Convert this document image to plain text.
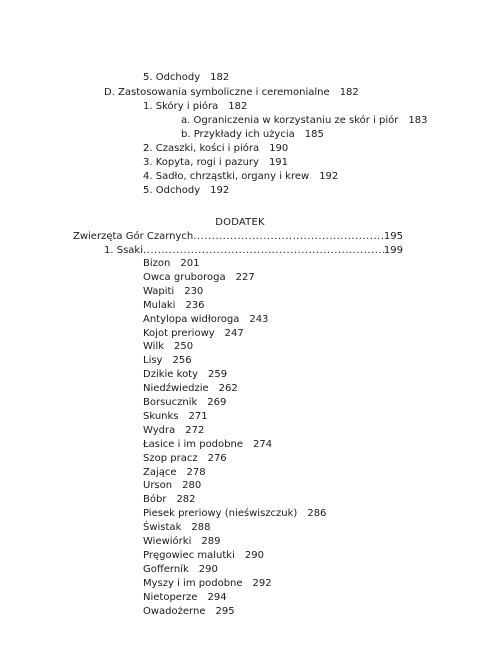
5. Odchody 182
D. Zastosowania symboliczne i ceremonialne 182
1. Skóry i pióra 182
a. Ograniczenia w korzystaniu ze skór i piór 183
b. Przykłady ich użycia 185
2. Czaszki, kości i pióra 190
3. Kopyta, rogi i pazury 191
4. Sadło, chrząstki, organy i krew 192
5. Odchody 192
DODATEK
Zwierzęta Gór Czarnych .....	195
1. Ssaki .....	199
Bizon 201
Owca gruboroga 227
Wapiti 230
Mulaki 236
Antylopa widłoroga 243
Kojot preriowy 247
Wilk 250
Lisy 256
Dzikie koty 259
Niedźwiedzie 262
Borsucznik 269
Skunks 271
Wydra 272
Łasice i im podobne 274
Szop pracz 276
Zające 278
Urson 280
Bóbr 282
Piesek preriowy (nieświszczuk) 286
Świstak 288
Wiewiórki 289
Pręgowiec malutki 290
Gofferník 290
Myszy i im podobne 292
Nietoperze 294
Owadożerne 295
